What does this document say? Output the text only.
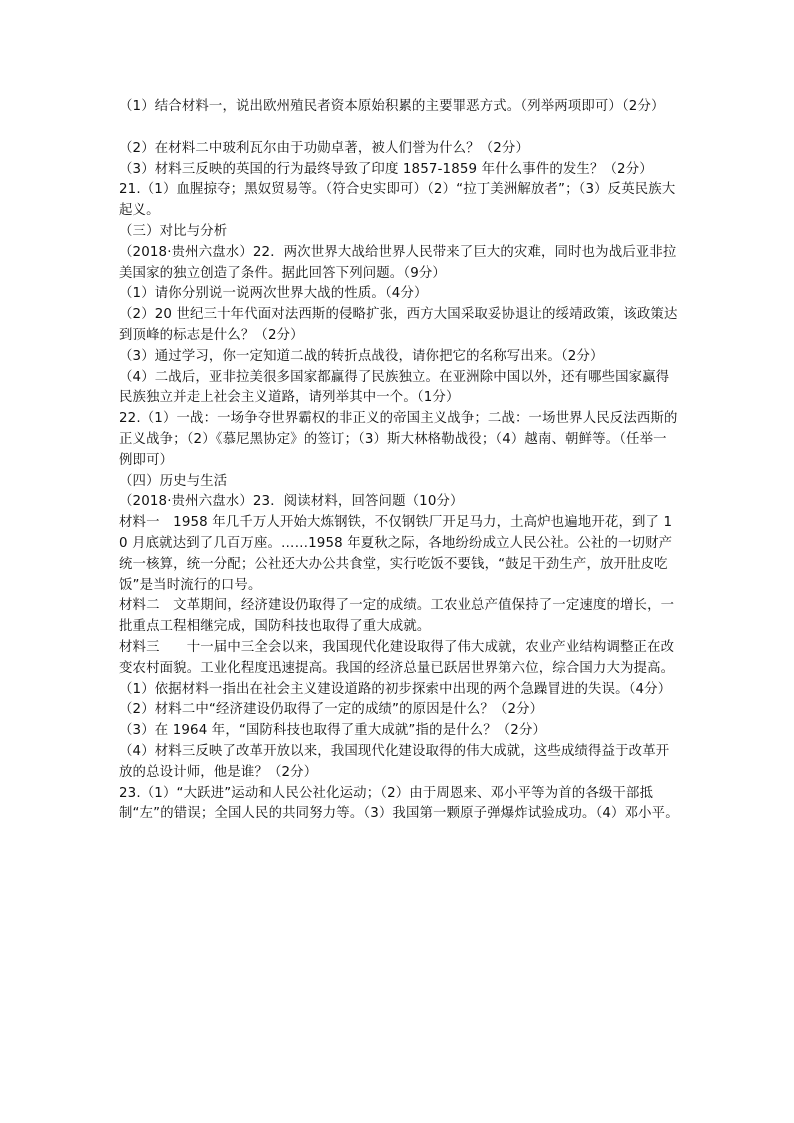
（1）结合材料一，说出欧州殖民者资本原始积累的主要罪恶方式。（列举两项即可）（2分）

（2）在材料二中玻利瓦尔由于功勋卓著，被人们誉为什么？（2分）

（3）材料三反映的英国的行为最终导致了印度 1857-1859 年什么事件的发生？（2分）

21.（1）血腥掠夺；黑奴贸易等。（符合史实即可）（2）“拉丁美洲解放者”；（3）反英民族大起义。

（三）对比与分析

（2018·贵州六盘水）22．两次世界大战给世界人民带来了巨大的灾难，同时也为战后亚非拉美国家的独立创造了条件。据此回答下列问题。（9分）

（1）请你分别说一说两次世界大战的性质。（4分）

（2）20 世纪三十年代面对法西斯的侵略扩张，西方大国采取妥协退让的绥靖政策，该政策达到顶峰的标志是什么？（2分）

（3）通过学习，你一定知道二战的转折点战役，请你把它的名称写出来。（2分）

（4）二战后，亚非拉美很多国家都赢得了民族独立。在亚洲除中国以外，还有哪些国家赢得民族独立并走上社会主义道路，请列举其中一个。（1分）

22.（1）一战：一场争夺世界霸权的非正义的帝国主义战争；二战：一场世界人民反法西斯的正义战争；（2）《慕尼黑协定》的签订；（3）斯大林格勒战役；（4）越南、朝鲜等。（任举一例即可）

（四）历史与生活

（2018·贵州六盘水）23．阅读材料，回答问题（10分）

材料一　1958 年几千万人开始大炼钢铁，不仅钢铁厂开足马力，土高炉也遍地开花，到了 10 月底就达到了几百万座。……1958 年夏秋之际，各地纷纷成立人民公社。公社的一切财产统一核算，统一分配；公社还大办公共食堂，实行吃饭不要钱，“鼓足干劲生产，放开肚皮吃饭”是当时流行的口号。

材料二　文革期间，经济建设仍取得了一定的成绩。工农业总产值保持了一定速度的增长，一批重点工程相继完成，国防科技也取得了重大成就。

材料三　　十一届中三全会以来，我国现代化建设取得了伟大成就，农业产业结构调整正在改变农村面貌。工业化程度迅速提高。我国的经济总量已跃居世界第六位，综合国力大为提高。

（1）依据材料一指出在社会主义建设道路的初步探索中出现的两个急躁冒进的失误。（4分）

（2）材料二中“经济建设仍取得了一定的成绩”的原因是什么？（2分）

（3）在 1964 年，“国防科技也取得了重大成就”指的是什么？（2分）

（4）材料三反映了改革开放以来，我国现代化建设取得的伟大成就，这些成绩得益于改革开放的总设计师，他是谁？（2分）

23.（1）“大跃进”运动和人民公社化运动；（2）由于周恩来、邓小平等为首的各级干部抵制“左”的错误；全国人民的共同努力等。（3）我国第一颗原子弹爆炸试验成功。（4）邓小平。
